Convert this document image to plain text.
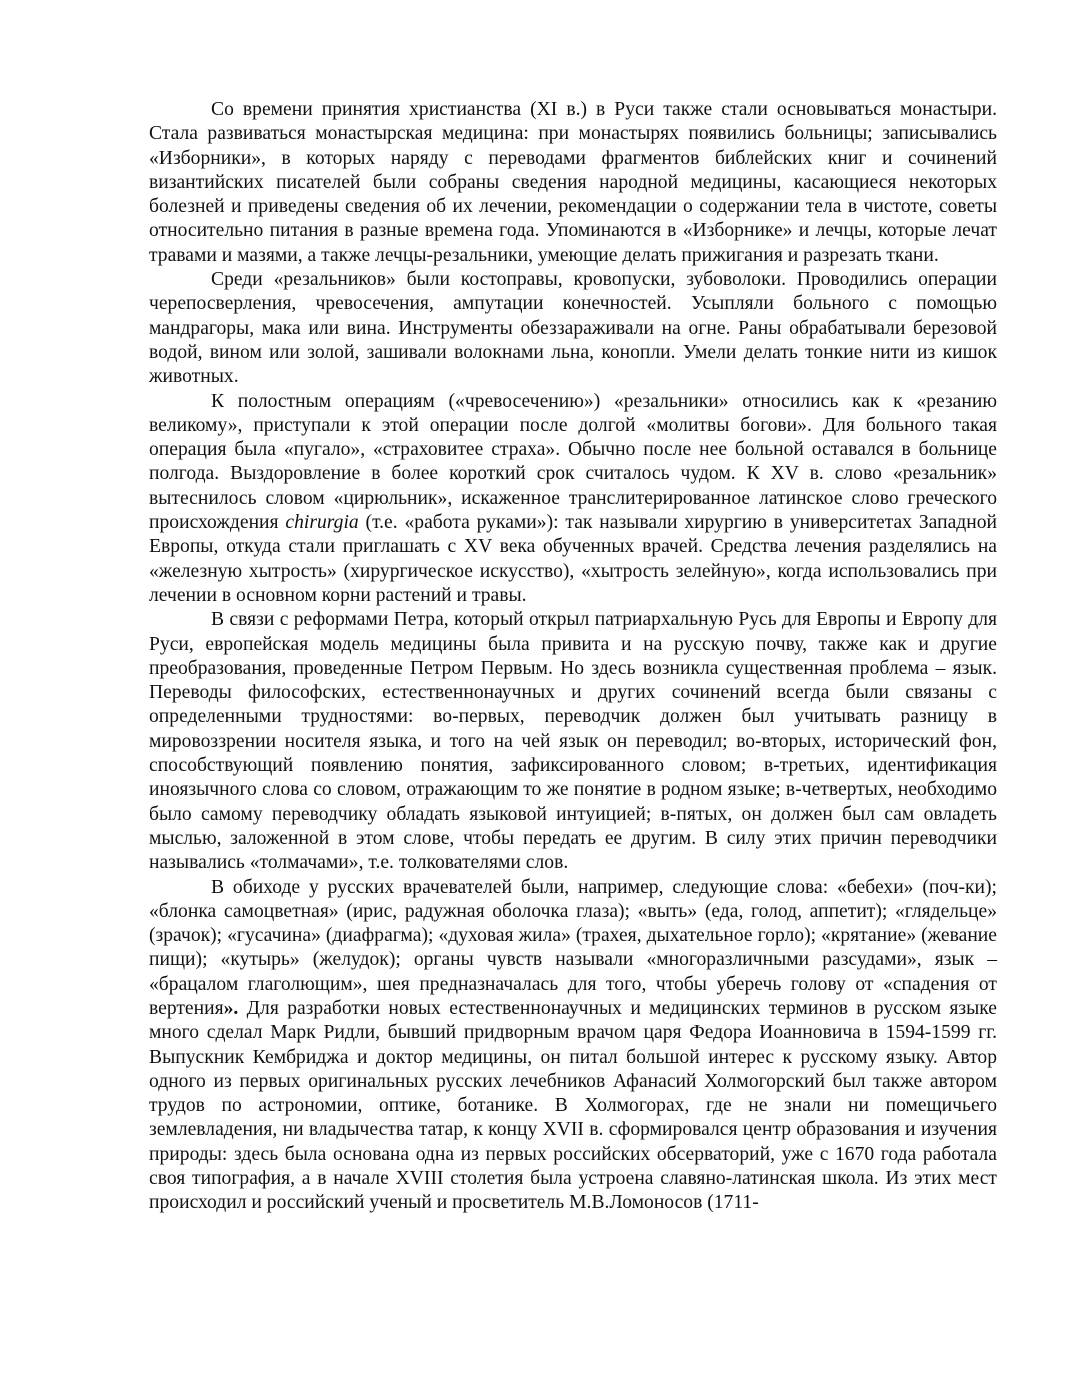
Со времени принятия христианства (XI в.) в Руси также стали основываться монастыри. Стала развиваться монастырская медицина: при монастырях появились больницы; записывались «Изборники», в которых наряду с переводами фрагментов библейских книг и сочинений византийских писателей были собраны сведения народной медицины, касающиеся некоторых болезней и приведены сведения об их лечении, рекомендации о содержании тела в чистоте, советы относительно питания в разные времена года. Упоминаются в «Изборнике» и лечцы, которые лечат травами и мазями, а также лечцы-резальники, умеющие делать прижигания и разрезать ткани.

Среди «резальников» были костоправы, кровопуски, зубоволоки. Проводились операции черепосверления, чревосечения, ампутации конечностей. Усыпляли больного с помощью мандрагоры, мака или вина. Инструменты обеззараживали на огне. Раны обрабатывали березовой водой, вином или золой, зашивали волокнами льна, конопли. Умели делать тонкие нити из кишок животных.

К полостным операциям («чревосечению») «резальники» относились как к «резанию великому», приступали к этой операции после долгой «молитвы богови». Для больного такая операция была «пугало», «страховитее страха». Обычно после нее больной оставался в больнице полгода. Выздоровление в более короткий срок считалось чудом. К XV в. слово «резальник» вытеснилось словом «цирюльник», искаженное транслитерированное латинское слово греческого происхождения chirurgia (т.е. «работа руками»): так называли хирургию в университетах Западной Европы, откуда стали приглашать с XV века обученных врачей. Средства лечения разделялись на «железную хытрость» (хирургическое искусство), «хытрость зелейную», когда использовались при лечении в основном корни растений и травы.

В связи с реформами Петра, который открыл патриархальную Русь для Европы и Европу для Руси, европейская модель медицины была привита и на русскую почву, также как и другие преобразования, проведенные Петром Первым. Но здесь возникла существенная проблема – язык. Переводы философских, естественнонаучных и других сочинений всегда были связаны с определенными трудностями: во-первых, переводчик должен был учитывать разницу в мировоззрении носителя языка, и того на чей язык он переводил; во-вторых, исторический фон, способствующий появлению понятия, зафиксированного словом; в-третьих, идентификация иноязычного слова со словом, отражающим то же понятие в родном языке; в-четвертых, необходимо было самому переводчику обладать языковой интуицией; в-пятых, он должен был сам овладеть мыслью, заложенной в этом слове, чтобы передать ее другим. В силу этих причин переводчики назывались «толмачами», т.е. толкователями слов.

В обиходе у русских врачевателей были, например, следующие слова: «бебехи» (поч-ки); «блонка самоцветная» (ирис, радужная оболочка глаза); «выть» (еда, голод, аппетит); «глядельце» (зрачок); «гусачина» (диафрагма); «духовая жила» (трахея, дыхательное горло); «крятание» (жевание пищи); «кутырь» (желудок); органы чувств называли «многоразличными разсудами», язык – «брацалом глаголющим», шея предназначалась для того, чтобы уберечь голову от «спадения от вертения». Для разработки новых естественнонаучных и медицинских терминов в русском языке много сделал Марк Ридли, бывший придворным врачом царя Федора Иоанновича в 1594-1599 гг. Выпускник Кембриджа и доктор медицины, он питал большой интерес к русскому языку. Автор одного из первых оригинальных русских лечебников Афанасий Холмогорский был также автором трудов по астрономии, оптике, ботанике. В Холмогорах, где не знали ни помещичьего землевладения, ни владычества татар, к концу XVII в. сформировался центр образования и изучения природы: здесь была основана одна из первых российских обсерваторий, уже с 1670 года работала своя типография, а в начале XVIII столетия была устроена славяно-латинская школа. Из этих мест происходил и российский ученый и просветитель М.В.Ломоносов (1711-
